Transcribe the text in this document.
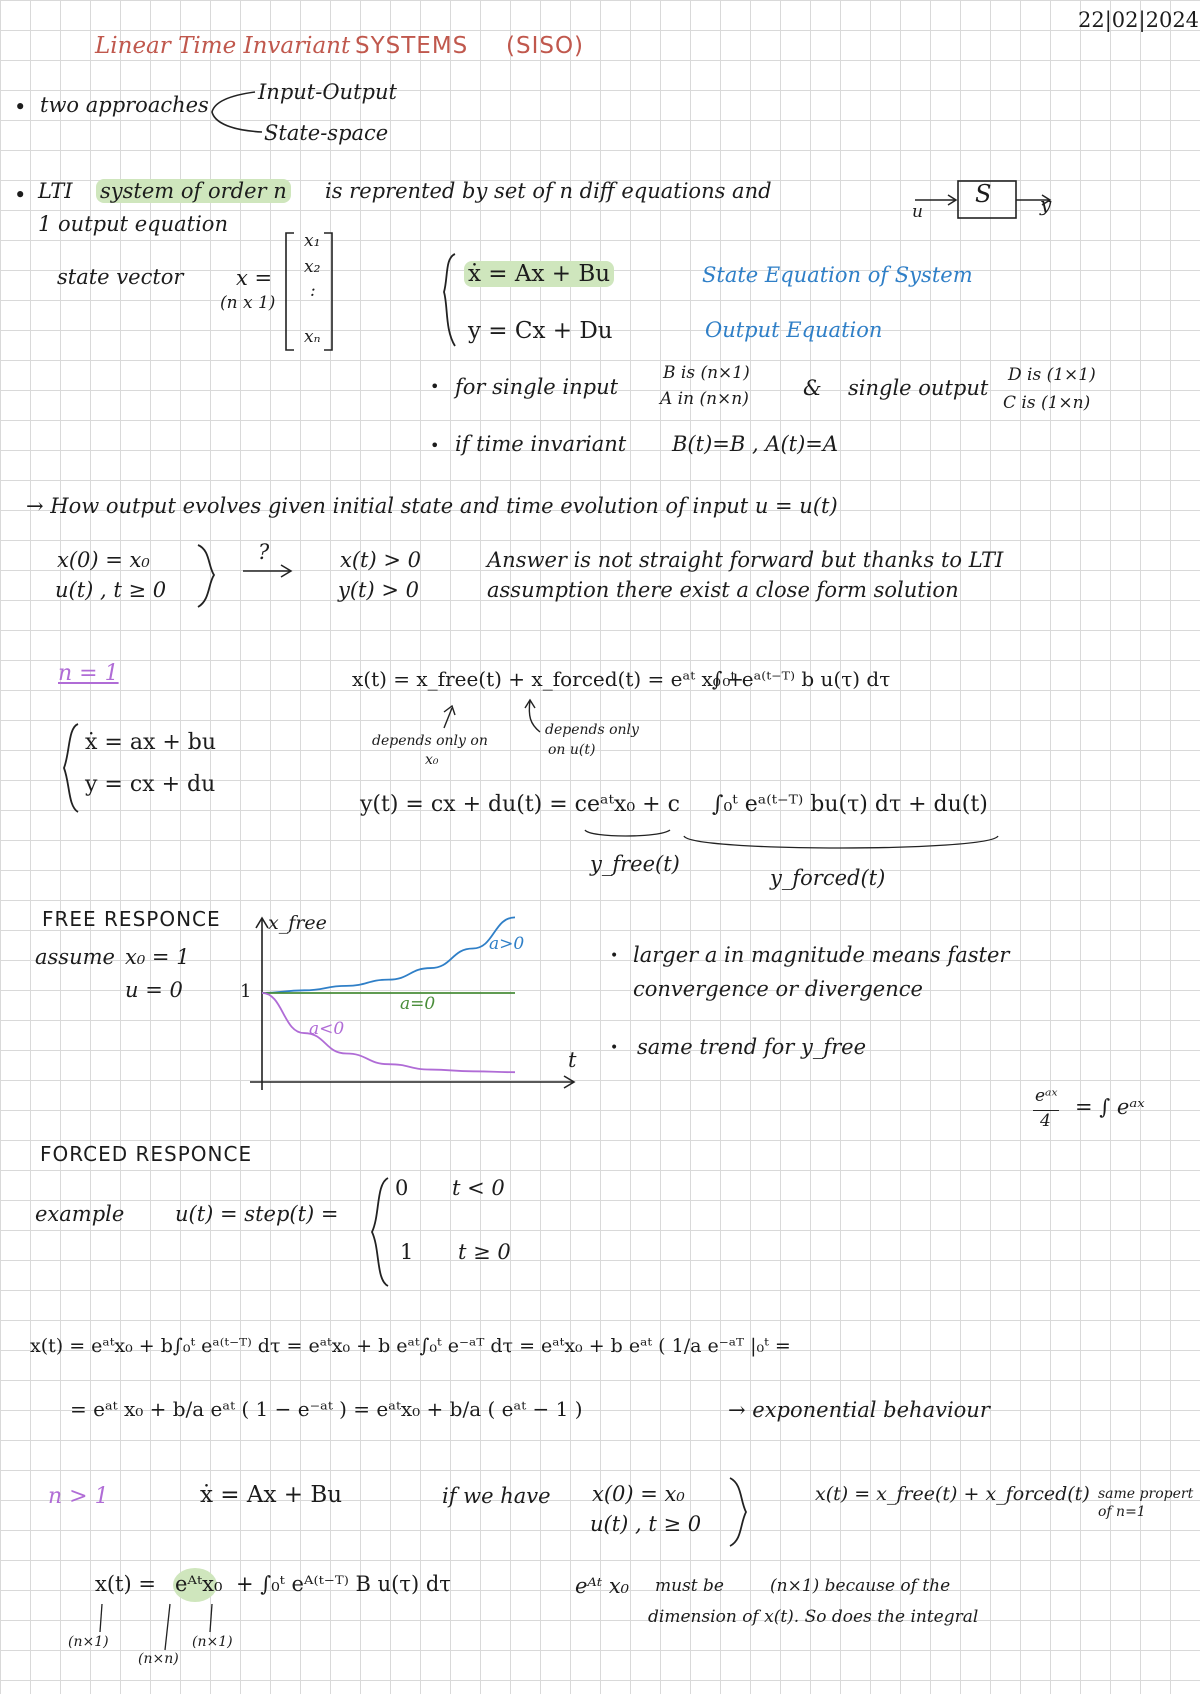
22|02|2024
Linear Time Invariant SYSTEMS (SISO)
• two approaches
Input-Output
State-space
• LTI system of order n is reprented by set of n diff equations and
1 output equation	u
S y
state vector	x =
(n x 1)
x₁
x₂
:
xₙ
ẋ = Ax + Bu
y = Cx + Du
State Equation of System
Output Equation
• for single input
B is (n×1)
A in (n×n)	& single output
D is (1×1)
C is (1×n)
• if time invariant B(t)=B , A(t)=A
→ How output evolves given initial state and time evolution of input u = u(t)
x(0) = x₀
u(t) , t ≥ 0
?	x(t) > 0
y(t) > 0
Answer is not straight forward but thanks to LTI
assumption there exist a close form solution
n = 1
ẋ = ax + bu
y = cx + du
x(t) = x_free(t) + x_forced(t) = eᵃᵗ x₀ +
∫₀ᵗ eᵃ⁽ᵗ⁻ᵀ⁾ b u(τ) dτ
depends only on
x₀
depends only
on u(t)
y(t) = cx + du(t) = ceᵃᵗx₀ + c ∫₀ᵗ eᵃ⁽ᵗ⁻ᵀ⁾ bu(τ) dτ + du(t)
y_free(t)
y_forced(t)
FREE RESPONCE
assume x₀ = 1
u = 0
x_free
t
1
a>0
a=0
a<0
• larger a in magnitude means faster
convergence or divergence
• same trend for y_free
eᵃˣ
4
= ∫ eᵃˣ
FORCED RESPONCE
example u(t) = step(t) =
0 t < 0
1 t ≥ 0
x(t) = eᵃᵗx₀ + b∫₀ᵗ eᵃ⁽ᵗ⁻ᵀ⁾ dτ = eᵃᵗx₀ + b eᵃᵗ∫₀ᵗ e⁻ᵃᵀ dτ = eᵃᵗx₀ + b eᵃᵗ ( 1/a e⁻ᵃᵀ |₀ᵗ =
= eᵃᵗ x₀ + b/a eᵃᵗ ( 1 − e⁻ᵃᵗ ) = eᵃᵗx₀ + b/a ( eᵃᵗ − 1 )	→ exponential behaviour
n > 1	ẋ = Ax + Bu	if we have x(0) = x₀
u(t) , t ≥ 0
x(t) = x_free(t) + x_forced(t) same propert
of n=1
x(t) = eᴬᵗx₀ + ∫₀ᵗ eᴬ⁽ᵗ⁻ᵀ⁾ B u(τ) dτ
(n×1)
(n×n)
(n×1)
eᴬᵗ x₀ must be	(n×1) because of the
dimension of x(t). So does the integral
